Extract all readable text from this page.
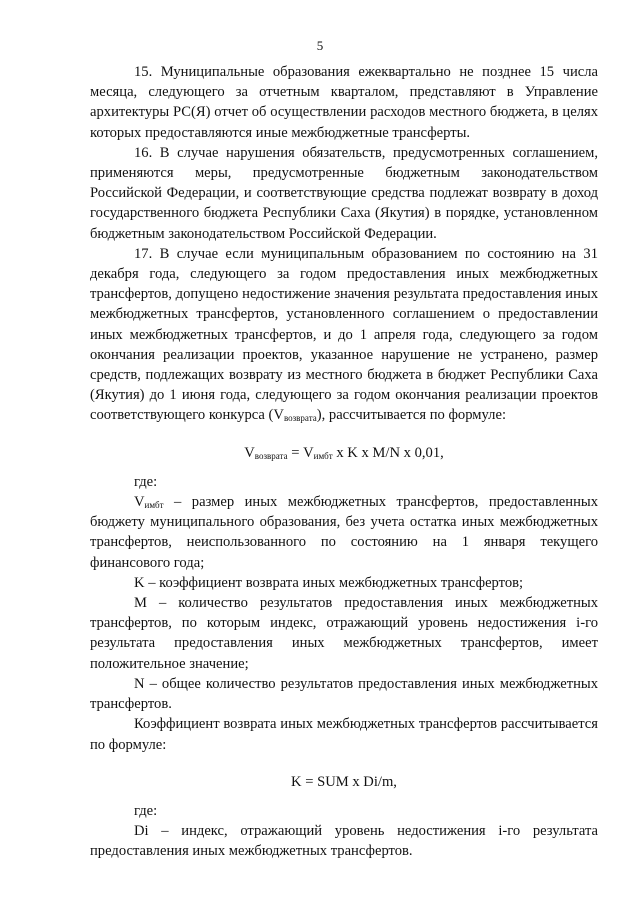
5

15. Муниципальные образования ежеквартально не позднее 15 числа месяца, следующего за отчетным кварталом, представляют в Управление архитектуры РС(Я) отчет об осуществлении расходов местного бюджета, в целях которых предоставляются иные межбюджетные трансферты.

16. В случае нарушения обязательств, предусмотренных соглашением, применяются меры, предусмотренные бюджетным законодательством Российской Федерации, и соответствующие средства подлежат возврату в доход государственного бюджета Республики Саха (Якутия) в порядке, установленном бюджетным законодательством Российской Федерации.

17. В случае если муниципальным образованием по состоянию на 31 декабря года, следующего за годом предоставления иных межбюджетных трансфертов, допущено недостижение значения результата предоставления иных межбюджетных трансфертов, установленного соглашением о предоставлении иных межбюджетных трансфертов, и до 1 апреля года, следующего за годом окончания реализации проектов, указанное нарушение не устранено, размер средств, подлежащих возврату из местного бюджета в бюджет Республики Саха (Якутия) до 1 июня года, следующего за годом окончания реализации проектов соответствующего конкурса $(V_{возврата})$, рассчитывается по формуле:

$V_{возврата} = V_{имбт}$ x K x M/N x 0,01,

где:

$V_{имбт}$ – размер иных межбюджетных трансфертов, предоставленных бюджету муниципального образования, без учета остатка иных межбюджетных трансфертов, неиспользованного по состоянию на 1 января текущего финансового года;

K – коэффициент возврата иных межбюджетных трансфертов;

M – количество результатов предоставления иных межбюджетных трансфертов, по которым индекс, отражающий уровень недостижения i-го результата предоставления иных межбюджетных трансфертов, имеет положительное значение;

N – общее количество результатов предоставления иных межбюджетных трансфертов.

Коэффициент возврата иных межбюджетных трансфертов рассчитывается по формуле:

K = SUM x Di/m,

где:

Di – индекс, отражающий уровень недостижения i-го результата предоставления иных межбюджетных трансфертов.
